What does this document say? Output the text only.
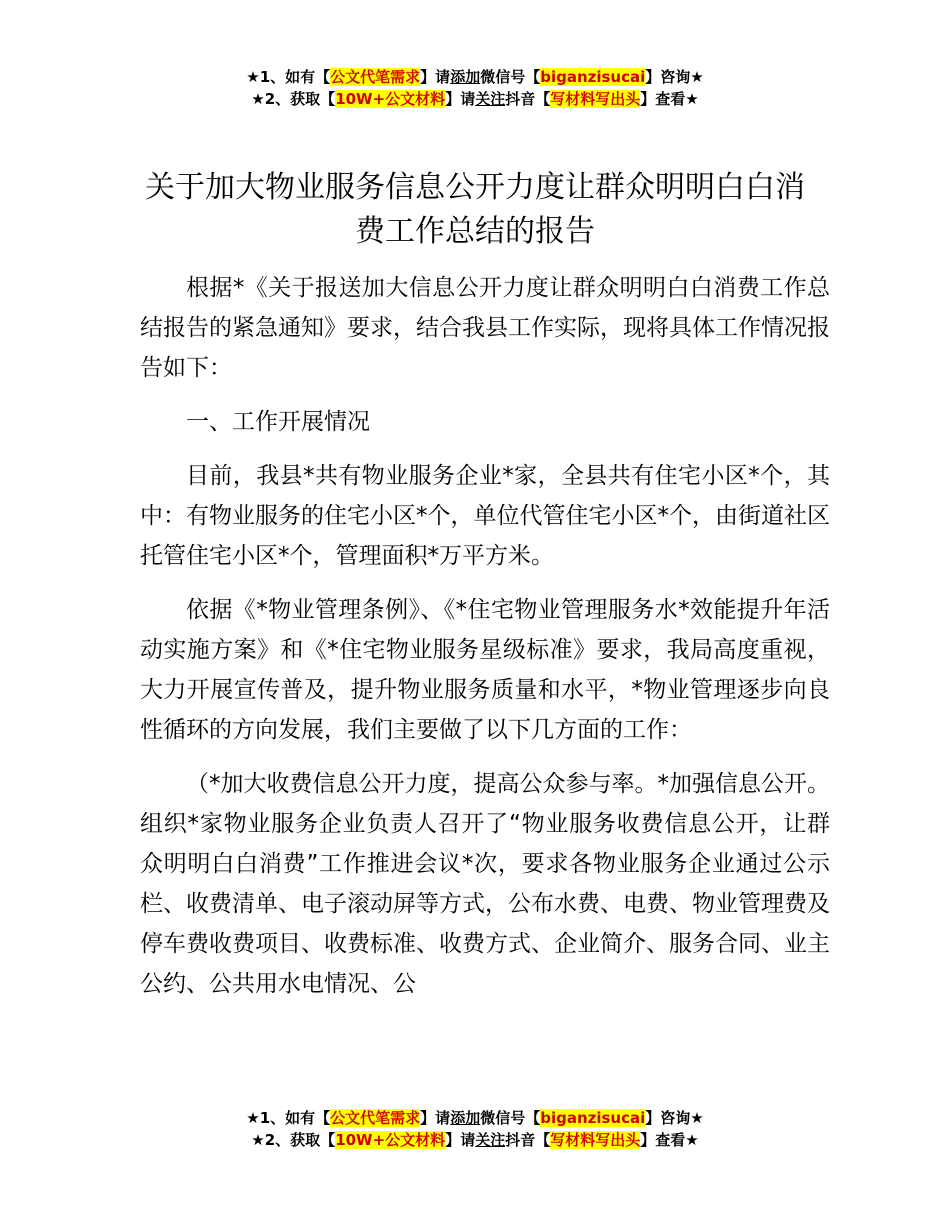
★1、如有【公文代笔需求】请添加微信号【biganzisucai】咨询★
★2、获取【10W+公文材料】请关注抖音【写材料写出头】查看★
关于加大物业服务信息公开力度让群众明明白白消费工作总结的报告

根据*《关于报送加大信息公开力度让群众明明白白消费工作总结报告的紧急通知》要求，结合我县工作实际，现将具体工作情况报告如下：

一、工作开展情况

目前，我县*共有物业服务企业*家，全县共有住宅小区*个，其中：有物业服务的住宅小区*个，单位代管住宅小区*个，由街道社区托管住宅小区*个，管理面积*万平方米。

依据《*物业管理条例》、《*住宅物业管理服务水*效能提升年活动实施方案》和《*住宅物业服务星级标准》要求，我局高度重视，大力开展宣传普及，提升物业服务质量和水平，*物业管理逐步向良性循环的方向发展，我们主要做了以下几方面的工作：

（*加大收费信息公开力度，提高公众参与率。*加强信息公开。组织*家物业服务企业负责人召开了“物业服务收费信息公开，让群众明明白白消费”工作推进会议*次，要求各物业服务企业通过公示栏、收费清单、电子滚动屏等方式，公布水费、电费、物业管理费及停车费收费项目、收费标准、收费方式、企业简介、服务合同、业主公约、公共用水电情况、公

★1、如有【公文代笔需求】请添加微信号【biganzisucai】咨询★
★2、获取【10W+公文材料】请关注抖音【写材料写出头】查看★
